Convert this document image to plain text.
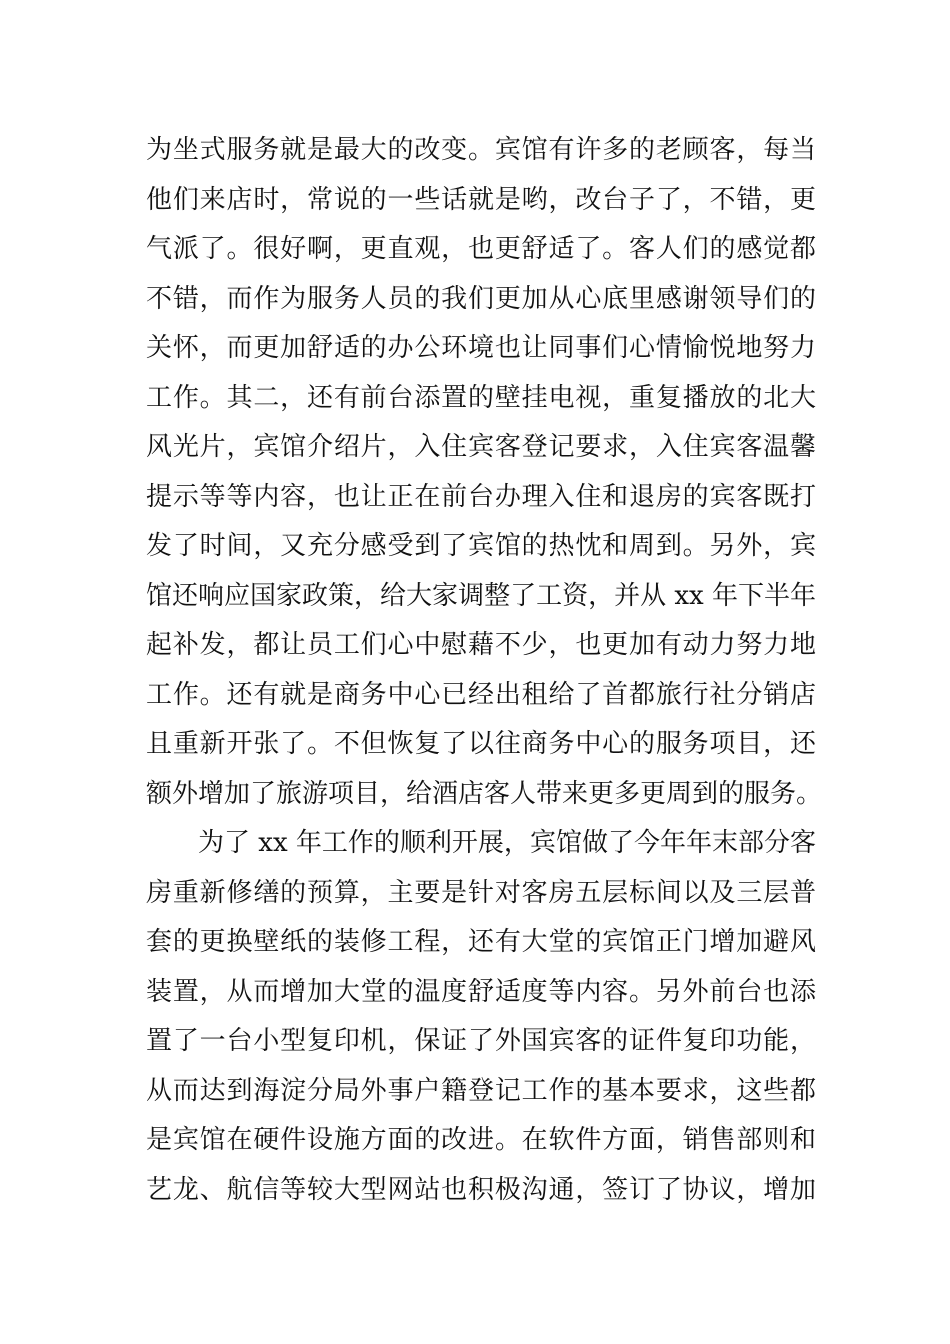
为坐式服务就是最大的改变。宾馆有许多的老顾客，每当
他们来店时，常说的一些话就是哟，改台子了，不错，更
气派了。很好啊，更直观，也更舒适了。客人们的感觉都
不错，而作为服务人员的我们更加从心底里感谢领导们的
关怀，而更加舒适的办公环境也让同事们心情愉悦地努力
工作。其二，还有前台添置的壁挂电视，重复播放的北大
风光片，宾馆介绍片，入住宾客登记要求，入住宾客温馨
提示等等内容，也让正在前台办理入住和退房的宾客既打
发了时间，又充分感受到了宾馆的热忱和周到。另外，宾
馆还响应国家政策，给大家调整了工资，并从 xx 年下半年
起补发，都让员工们心中慰藉不少，也更加有动力努力地
工作。还有就是商务中心已经出租给了首都旅行社分销店
且重新开张了。不但恢复了以往商务中心的服务项目，还
额外增加了旅游项目，给酒店客人带来更多更周到的服务。
为了 xx 年工作的顺利开展，宾馆做了今年年末部分客
房重新修缮的预算，主要是针对客房五层标间以及三层普
套的更换壁纸的装修工程，还有大堂的宾馆正门增加避风
装置，从而增加大堂的温度舒适度等内容。另外前台也添
置了一台小型复印机，保证了外国宾客的证件复印功能，
从而达到海淀分局外事户籍登记工作的基本要求，这些都
是宾馆在硬件设施方面的改进。在软件方面，销售部则和
艺龙、航信等较大型网站也积极沟通，签订了协议，增加
